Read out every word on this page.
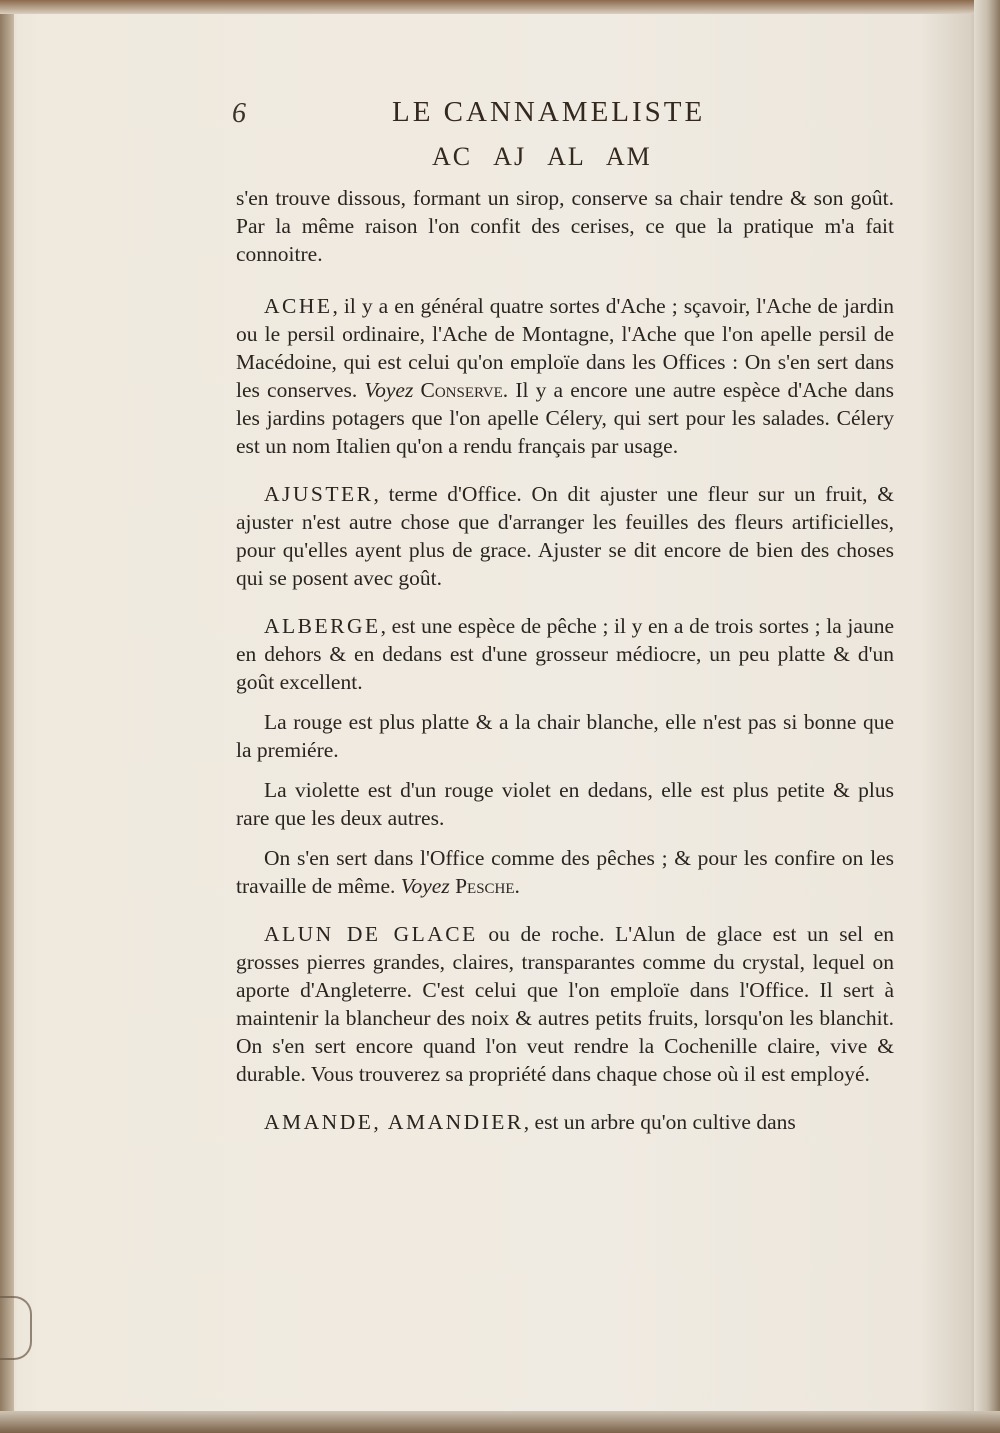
6	LE CANNAMELISTE
AC AJ AL AM

s'en trouve dissous, formant un sirop, conserve sa chair tendre & son goût. Par la même raison l'on confit des cerises, ce que la pratique m'a fait connoitre.

ACHE, il y a en général quatre sortes d'Ache ; sçavoir, l'Ache de jardin ou le persil ordinaire, l'Ache de Montagne, l'Ache que l'on apelle persil de Macédoine, qui est celui qu'on emploïe dans les Offices : On s'en sert dans les conserves. Voyez Conserve. Il y a encore une autre espèce d'Ache dans les jardins potagers que l'on apelle Célery, qui sert pour les salades. Célery est un nom Italien qu'on a rendu français par usage.

AJUSTER, terme d'Office. On dit ajuster une fleur sur un fruit, & ajuster n'est autre chose que d'arranger les feuilles des fleurs artificielles, pour qu'elles ayent plus de grace. Ajuster se dit encore de bien des choses qui se posent avec goût.

ALBERGE, est une espèce de pêche ; il y en a de trois sortes ; la jaune en dehors & en dedans est d'une grosseur médiocre, un peu platte & d'un goût excellent.

La rouge est plus platte & a la chair blanche, elle n'est pas si bonne que la premiére.

La violette est d'un rouge violet en dedans, elle est plus petite & plus rare que les deux autres.

On s'en sert dans l'Office comme des pêches ; & pour les confire on les travaille de même. Voyez Pesche.

ALUN DE GLACE ou de roche. L'Alun de glace est un sel en grosses pierres grandes, claires, transparantes comme du crystal, lequel on aporte d'Angleterre. C'est celui que l'on emploïe dans l'Office. Il sert à maintenir la blancheur des noix & autres petits fruits, lorsqu'on les blanchit. On s'en sert encore quand l'on veut rendre la Cochenille claire, vive & durable. Vous trouverez sa propriété dans chaque chose où il est employé.

AMANDE, AMANDIER, est un arbre qu'on cultive dans
